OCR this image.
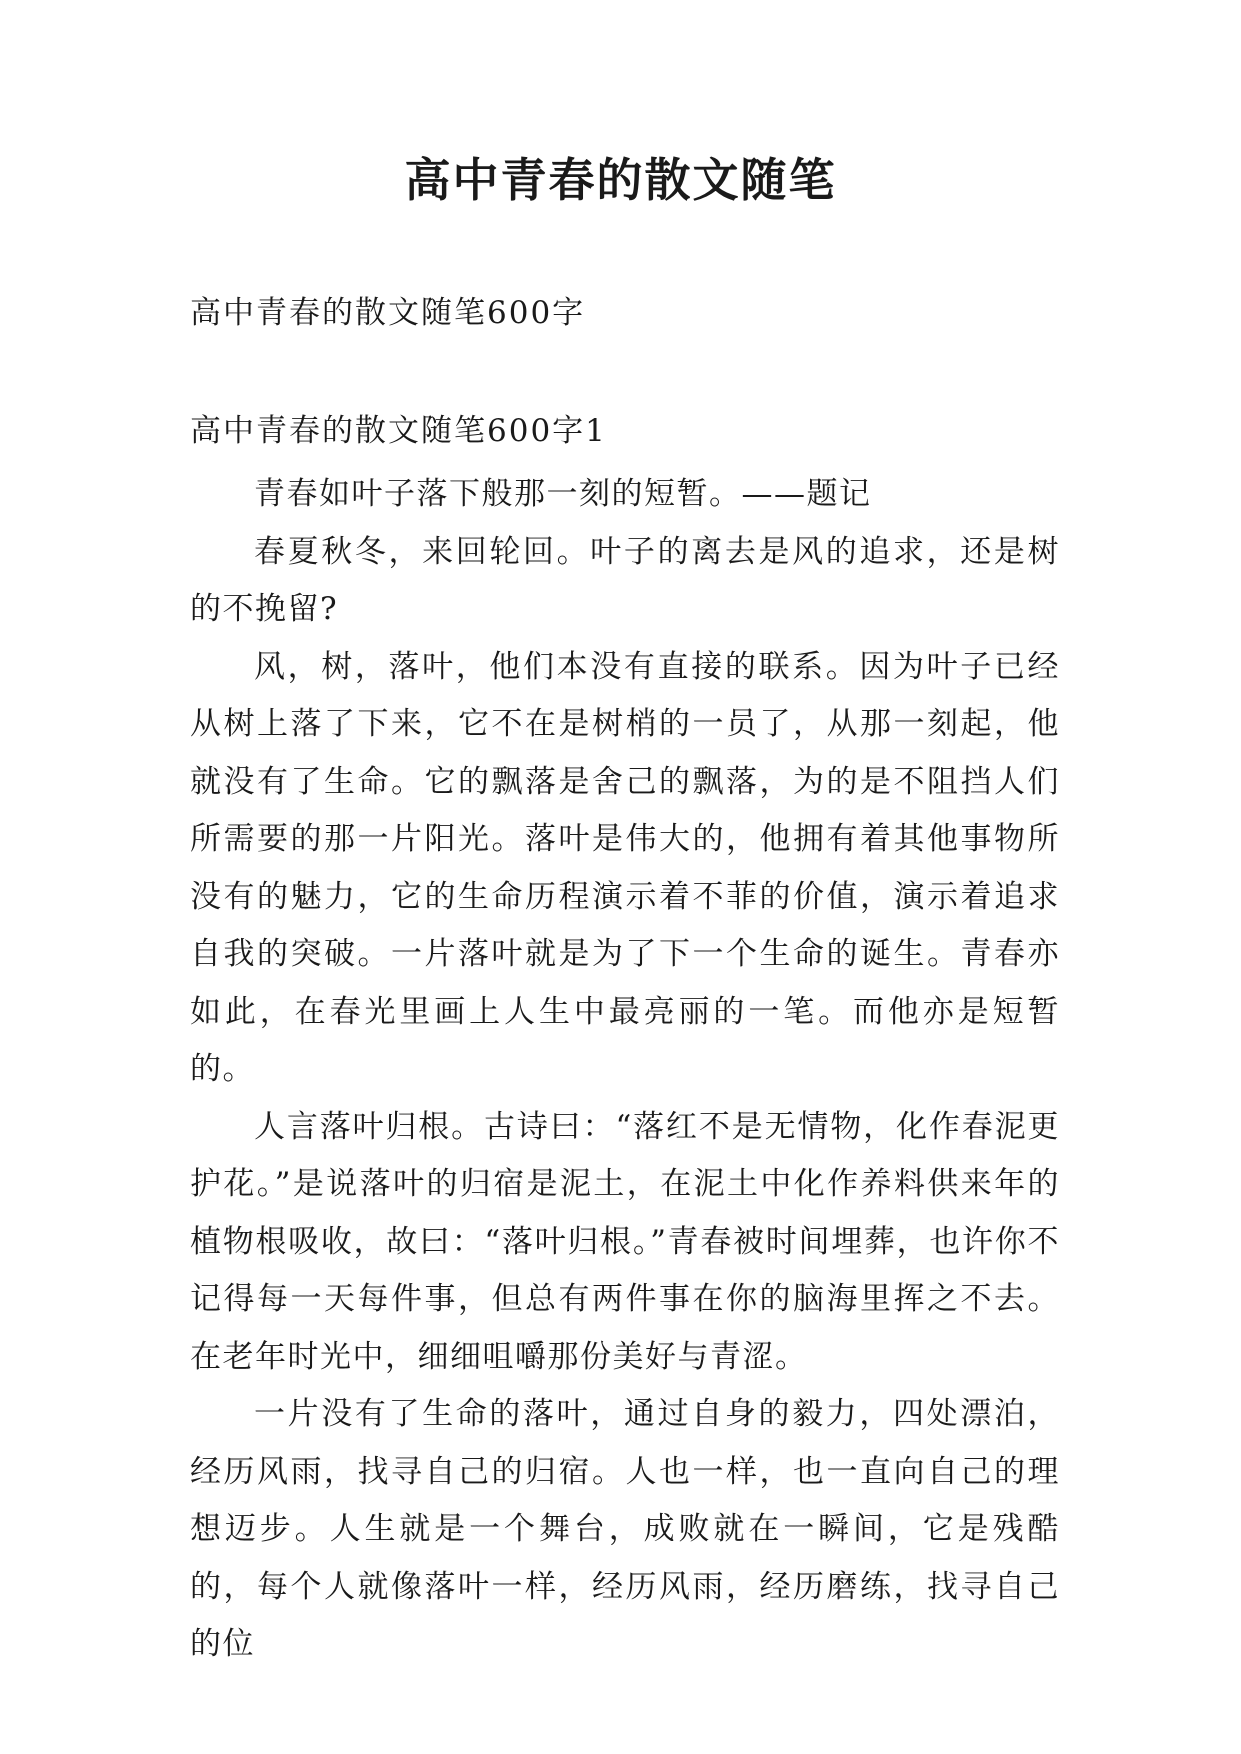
高中青春的散文随笔

高中青春的散文随笔600字

高中青春的散文随笔600字1

青春如叶子落下般那一刻的短暂。——题记

春夏秋冬，来回轮回。叶子的离去是风的追求，还是树的不挽留?

风，树，落叶，他们本没有直接的联系。因为叶子已经从树上落了下来，它不在是树梢的一员了，从那一刻起，他就没有了生命。它的飘落是舍己的飘落，为的是不阻挡人们所需要的那一片阳光。落叶是伟大的，他拥有着其他事物所没有的魅力，它的生命历程演示着不菲的价值，演示着追求自我的突破。一片落叶就是为了下一个生命的诞生。青春亦如此，在春光里画上人生中最亮丽的一笔。而他亦是短暂的。

人言落叶归根。古诗曰：“落红不是无情物，化作春泥更护花。”是说落叶的归宿是泥土，在泥土中化作养料供来年的植物根吸收，故曰：“落叶归根。”青春被时间埋葬，也许你不记得每一天每件事，但总有两件事在你的脑海里挥之不去。在老年时光中，细细咀嚼那份美好与青涩。

一片没有了生命的落叶，通过自身的毅力，四处漂泊，经历风雨，找寻自己的归宿。人也一样，也一直向自己的理想迈步。人生就是一个舞台，成败就在一瞬间，它是残酷的，每个人就像落叶一样，经历风雨，经历磨练，找寻自己的位
